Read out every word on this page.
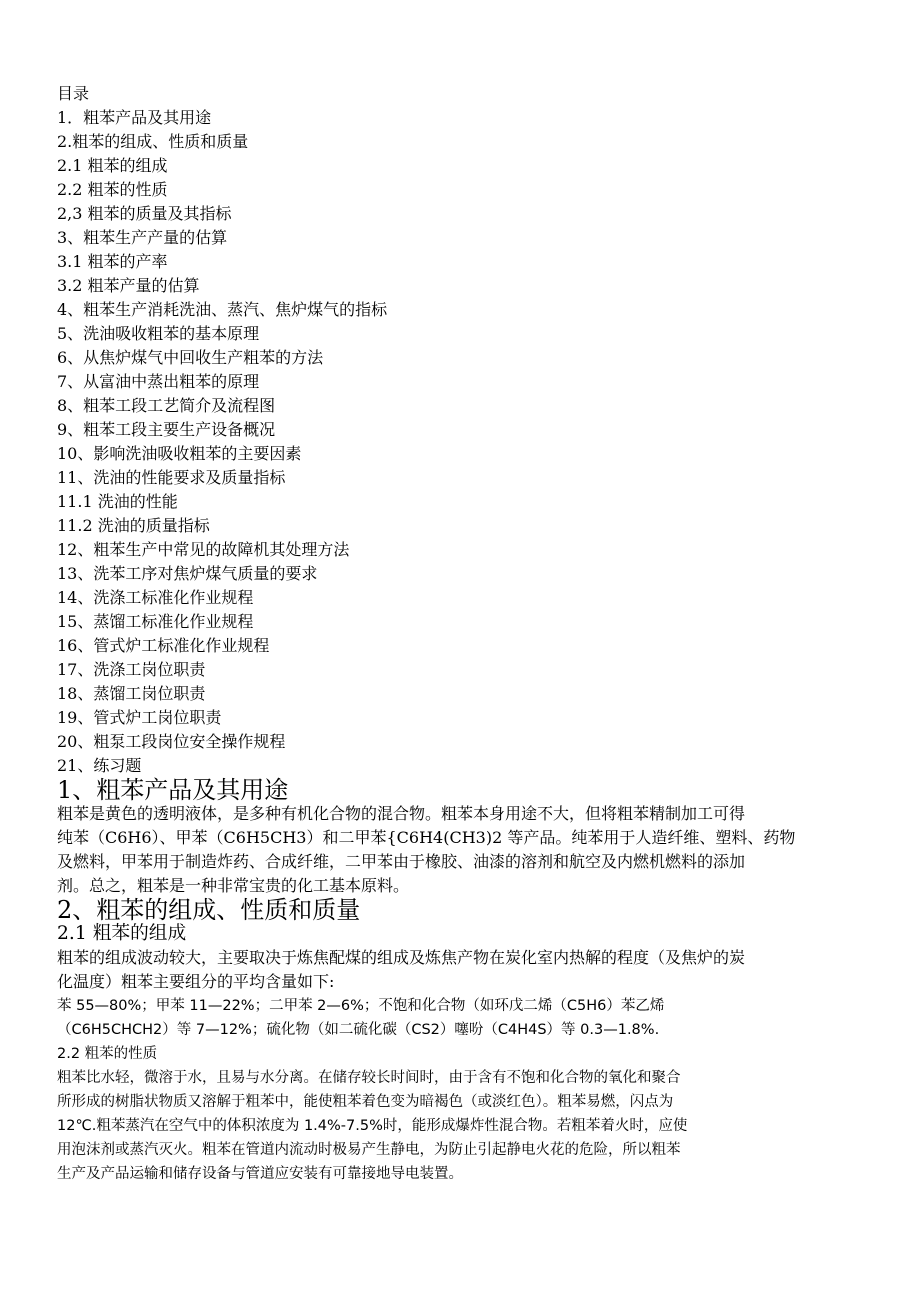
目录
1．粗苯产品及其用途
2.粗苯的组成、性质和质量
2.1 粗苯的组成
2.2 粗苯的性质
2,3 粗苯的质量及其指标
3、粗苯生产产量的估算
3.1 粗苯的产率
3.2 粗苯产量的估算
4、粗苯生产消耗洗油、蒸汽、焦炉煤气的指标
5、洗油吸收粗苯的基本原理
6、从焦炉煤气中回收生产粗苯的方法
7、从富油中蒸出粗苯的原理
8、粗苯工段工艺简介及流程图
9、粗苯工段主要生产设备概况
10、影响洗油吸收粗苯的主要因素
11、洗油的性能要求及质量指标
11.1 洗油的性能
11.2 洗油的质量指标
12、粗苯生产中常见的故障机其处理方法
13、洗苯工序对焦炉煤气质量的要求
14、洗涤工标准化作业规程
15、蒸馏工标准化作业规程
16、管式炉工标准化作业规程
17、洗涤工岗位职责
18、蒸馏工岗位职责
19、管式炉工岗位职责
20、粗泵工段岗位安全操作规程
21、练习题
1、粗苯产品及其用途

粗苯是黄色的透明液体，是多种有机化合物的混合物。粗苯本身用途不大，但将粗苯精制加工可得
纯苯（C6H6）、甲苯（C6H5CH3）和二甲苯{C6H4(CH3)2 等产品。纯苯用于人造纤维、塑料、药物
及燃料，甲苯用于制造炸药、合成纤维，二甲苯由于橡胶、油漆的溶剂和航空及内燃机燃料的添加
剂。总之，粗苯是一种非常宝贵的化工基本原料。

2、粗苯的组成、性质和质量
2.1 粗苯的组成

粗苯的组成波动较大，主要取决于炼焦配煤的组成及炼焦产物在炭化室内热解的程度（及焦炉的炭
化温度）粗苯主要组分的平均含量如下:

苯 55—80%；甲苯 11—22%；二甲苯 2—6%；不饱和化合物（如环戊二烯（C5H6）苯乙烯
（C6H5CHCH2）等 7—12%；硫化物（如二硫化碳（CS2）噻吩（C4H4S）等 0.3—1.8%.

2.2 粗苯的性质

粗苯比水轻，微溶于水，且易与水分离。在储存较长时间时，由于含有不饱和化合物的氧化和聚合
所形成的树脂状物质又溶解于粗苯中，能使粗苯着色变为暗褐色（或淡红色）。粗苯易燃，闪点为
12℃.粗苯蒸汽在空气中的体积浓度为 1.4%-7.5%时，能形成爆炸性混合物。若粗苯着火时，应使
用泡沫剂或蒸汽灭火。粗苯在管道内流动时极易产生静电，为防止引起静电火花的危险，所以粗苯
生产及产品运输和储存设备与管道应安装有可靠接地导电装置。
